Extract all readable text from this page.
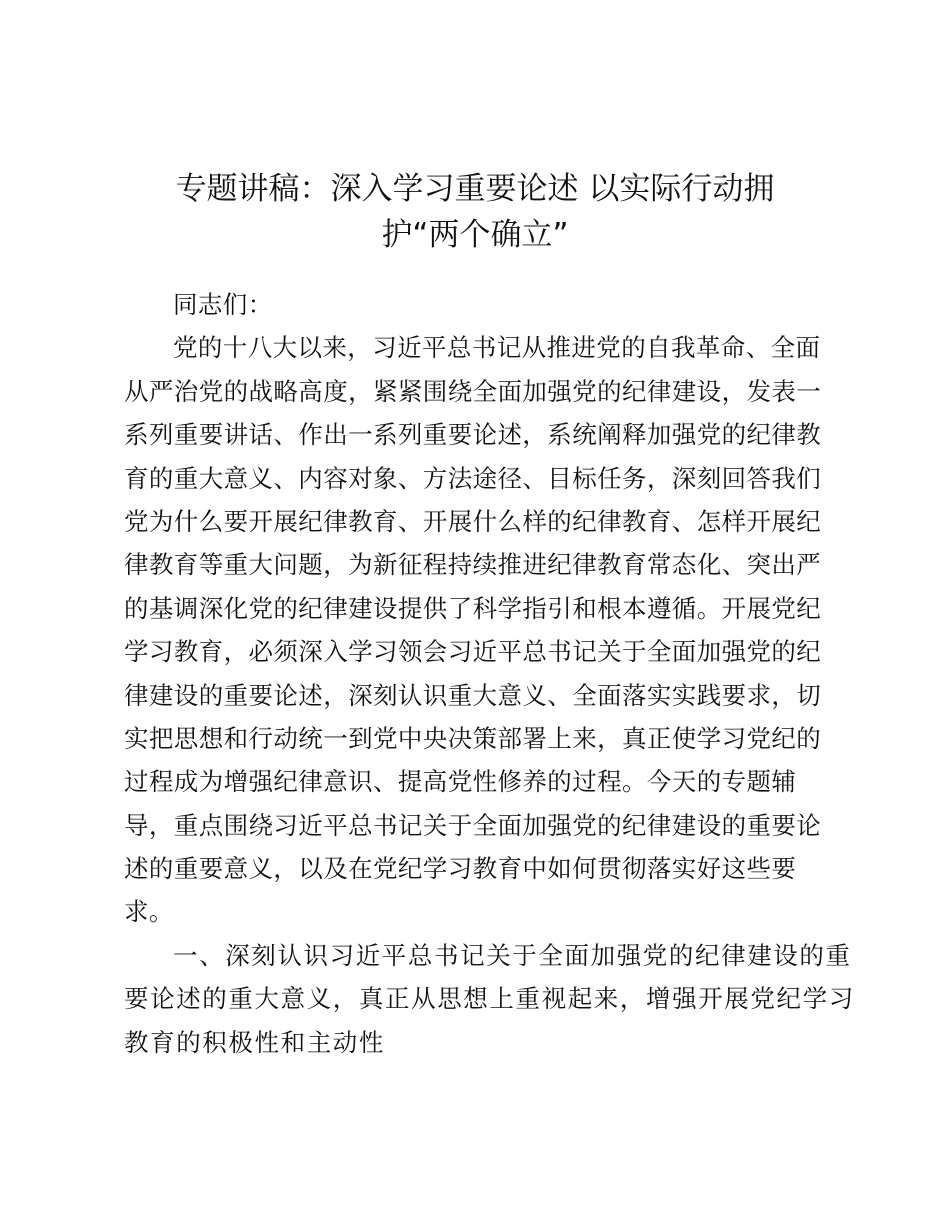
专题讲稿：深入学习重要论述 以实际行动拥
护“两个确立”
同志们：
党的十八大以来，习近平总书记从推进党的自我革命、全面
从严治党的战略高度，紧紧围绕全面加强党的纪律建设，发表一
系列重要讲话、作出一系列重要论述，系统阐释加强党的纪律教
育的重大意义、内容对象、方法途径、目标任务，深刻回答我们
党为什么要开展纪律教育、开展什么样的纪律教育、怎样开展纪
律教育等重大问题，为新征程持续推进纪律教育常态化、突出严
的基调深化党的纪律建设提供了科学指引和根本遵循。开展党纪
学习教育，必须深入学习领会习近平总书记关于全面加强党的纪
律建设的重要论述，深刻认识重大意义、全面落实实践要求，切
实把思想和行动统一到党中央决策部署上来，真正使学习党纪的
过程成为增强纪律意识、提高党性修养的过程。今天的专题辅
导，重点围绕习近平总书记关于全面加强党的纪律建设的重要论
述的重要意义，以及在党纪学习教育中如何贯彻落实好这些要
求。
一、深刻认识习近平总书记关于全面加强党的纪律建设的重
要论述的重大意义，真正从思想上重视起来，增强开展党纪学习
教育的积极性和主动性
